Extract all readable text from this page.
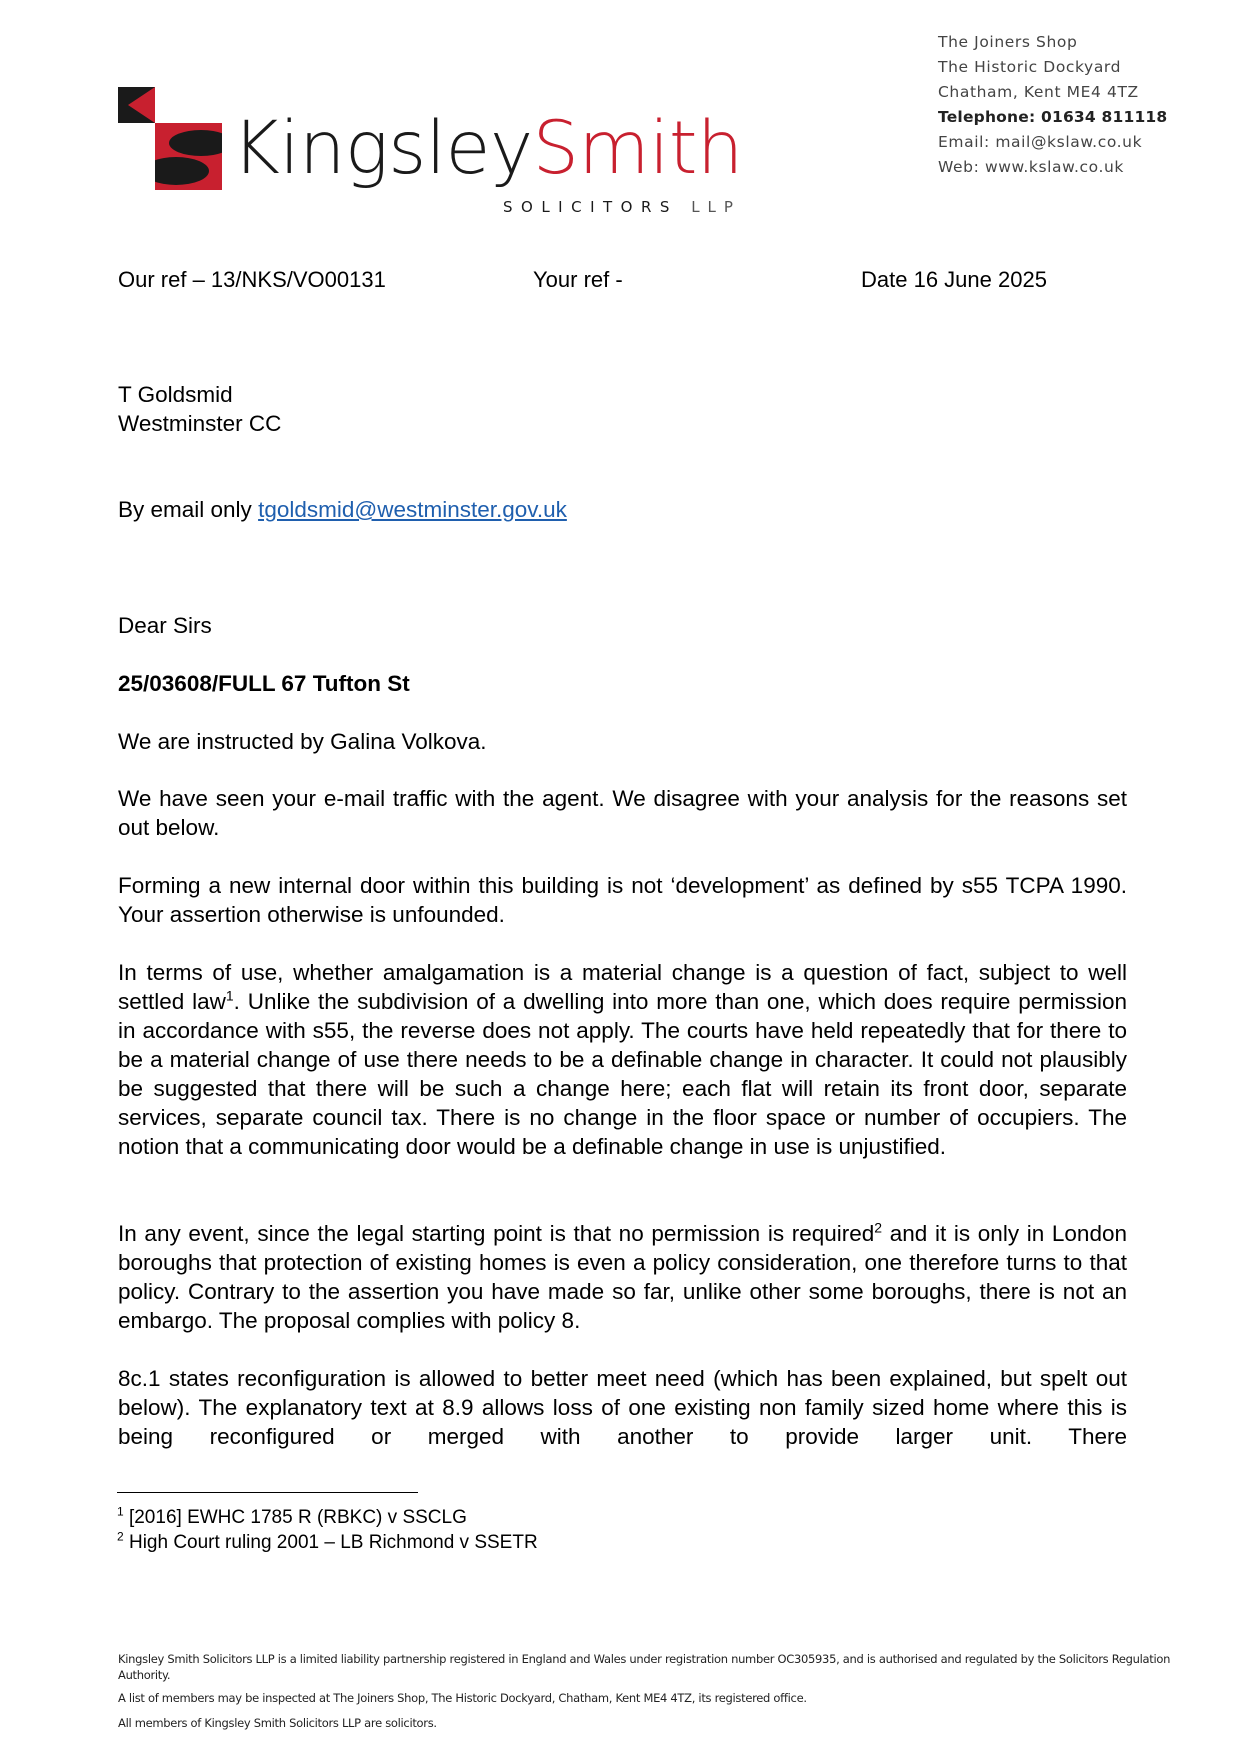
KingsleySmith
SOLICITORS LLP
The Joiners Shop
The Historic Dockyard
Chatham, Kent ME4 4TZ
Telephone: 01634 811118
Email: mail@kslaw.co.uk
Web: www.kslaw.co.uk
Our ref – 13/NKS/VO00131	Your ref -	Date 16 June 2025
T Goldsmid
Westminster CC
By email only tgoldsmid@westminster.gov.uk
Dear Sirs
25/03608/FULL 67 Tufton St
We are instructed by Galina Volkova.
We have seen your e-mail traffic with the agent. We disagree with your analysis for the reasons set out below.
Forming a new internal door within this building is not ‘development’ as defined by s55 TCPA 1990. Your assertion otherwise is unfounded.
In terms of use, whether amalgamation is a material change is a question of fact, subject to well settled law$^1$. Unlike the subdivision of a dwelling into more than one, which does require permission in accordance with s55, the reverse does not apply. The courts have held repeatedly that for there to be a material change of use there needs to be a definable change in character. It could not plausibly be suggested that there will be such a change here; each flat will retain its front door, separate services, separate council tax. There is no change in the floor space or number of occupiers. The notion that a communicating door would be a definable change in use is unjustified.
In any event, since the legal starting point is that no permission is required$^2$ and it is only in London boroughs that protection of existing homes is even a policy consideration, one therefore turns to that policy. Contrary to the assertion you have made so far, unlike other some boroughs, there is not an embargo. The proposal complies with policy 8.
8c.1 states reconfiguration is allowed to better meet need (which has been explained, but spelt out below). The explanatory text at 8.9 allows loss of one existing non family sized home where this is being reconfigured or merged with another to provide larger unit. There
$^1$ [2016] EWHC 1785 R (RBKC) v SSCLG
$^2$ High Court ruling 2001 – LB Richmond v SSETR
Kingsley Smith Solicitors LLP is a limited liability partnership registered in England and Wales under registration number OC305935, and is authorised and regulated by the Solicitors Regulation Authority.
A list of members may be inspected at The Joiners Shop, The Historic Dockyard, Chatham, Kent ME4 4TZ, its registered office.
All members of Kingsley Smith Solicitors LLP are solicitors.
